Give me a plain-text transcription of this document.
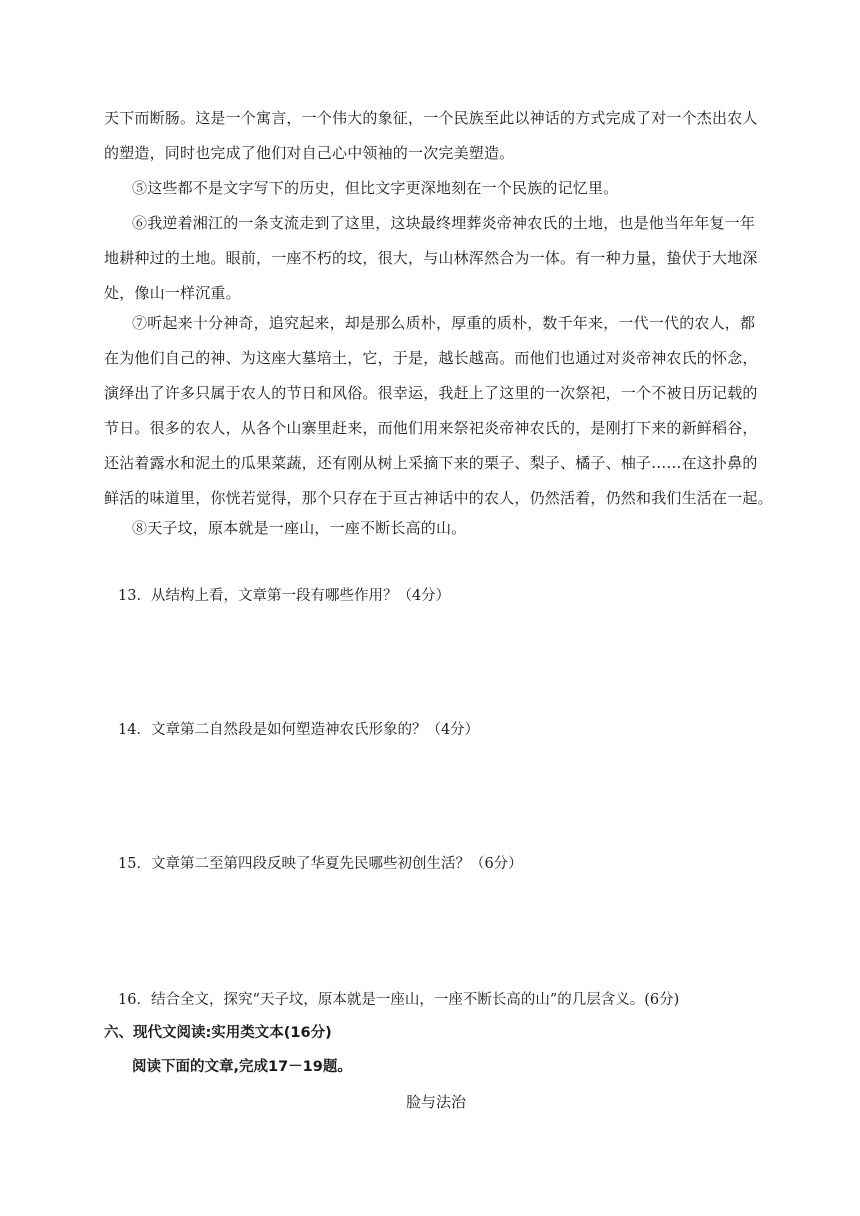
天下而断肠。这是一个寓言，一个伟大的象征，一个民族至此以神话的方式完成了对一个杰出农人
的塑造，同时也完成了他们对自己心中领袖的一次完美塑造。
⑤这些都不是文字写下的历史，但比文字更深地刻在一个民族的记忆里。
⑥我逆着湘江的一条支流走到了这里，这块最终埋葬炎帝神农氏的土地，也是他当年年复一年
地耕种过的土地。眼前，一座不朽的坟，很大，与山林浑然合为一体。有一种力量，蛰伏于大地深
处，像山一样沉重。
⑦听起来十分神奇，追究起来，却是那么质朴，厚重的质朴，数千年来，一代一代的农人，都
在为他们自己的神、为这座大墓培土，它，于是，越长越高。而他们也通过对炎帝神农氏的怀念，
演绎出了许多只属于农人的节日和风俗。很幸运，我赶上了这里的一次祭祀，一个不被日历记载的
节日。很多的农人，从各个山寨里赶来，而他们用来祭祀炎帝神农氏的，是刚打下来的新鲜稻谷，
还沾着露水和泥土的瓜果菜蔬，还有刚从树上采摘下来的栗子、梨子、橘子、柚子……在这扑鼻的
鲜活的味道里，你恍若觉得，那个只存在于亘古神话中的农人，仍然活着，仍然和我们生活在一起。
⑧天子坟，原本就是一座山，一座不断长高的山。
13．从结构上看，文章第一段有哪些作用？（4分）
14．文章第二自然段是如何塑造神农氏形象的？（4分）
15．文章第二至第四段反映了华夏先民哪些初创生活？（6分）
16．结合全文，探究“天子坟，原本就是一座山，一座不断长高的山”的几层含义。(6分)
六、现代文阅读:实用类文本(16分)
阅读下面的文章,完成17－19题。
脸与法治
